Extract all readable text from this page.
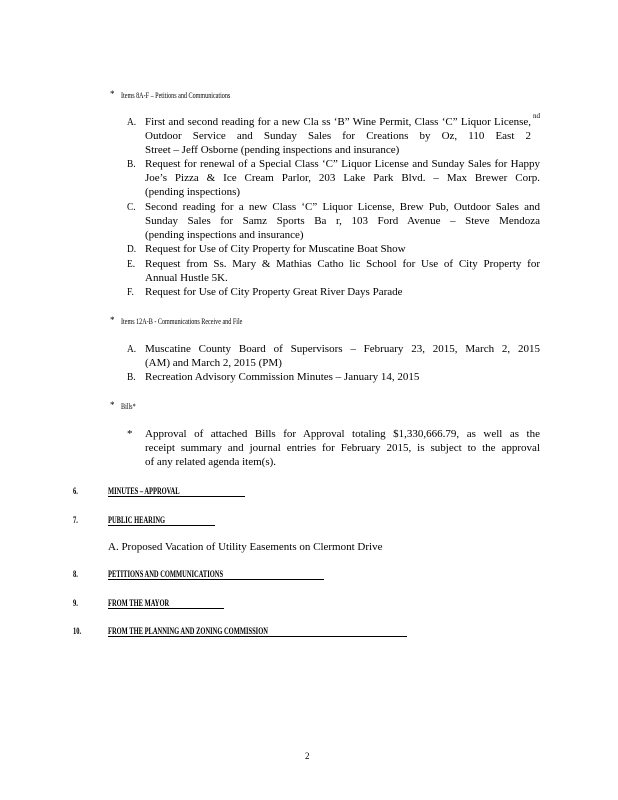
* Items 8A-F – Petitions and Communications
A. First and second reading for a new Cla ss ‘B” Wine Permit, Class ‘C” Liquor License, Outdoor Service and Sunday Sales for Creations by Oz, 110 East 2
nd
Street – Jeff Osborne (pending inspections and insurance)
B. Request for renewal of a Special Class ‘C” Liquor License and Sunday Sales for Happy Joe’s Pizza & Ice Cream Parlor, 203 Lake Park Blvd. – Max Brewer Corp.
(pending inspections)
C. Second reading for a new Class ‘C” Liquor License, Brew Pub, Outdoor Sales and Sunday Sales for Samz Sports Ba r, 103 Ford Avenue – Steve Mendoza
(pending inspections and insurance)
D. Request for Use of City Property for Muscatine Boat Show
E. Request from Ss. Mary & Mathias Catho lic School for Use of City Property for
Annual Hustle 5K.
F. Request for Use of City Property Great River Days Parade
* Items 12A-B - Communications Receive and File
A. Muscatine County Board of Supervisors – February 23, 2015, March 2, 2015
(AM) and March 2, 2015 (PM)
B. Recreation Advisory Commission Minutes – January 14, 2015
* Bills*
* Approval of attached Bills for Approval totaling $1,330,666.79, as well as the
receipt summary and journal entries for February 2015, is subject to the approval
of any related agenda item(s).
6.	MINUTES – APPROVAL
7.	PUBLIC HEARING
A. Proposed Vacation of Utility Easements on Clermont Drive
8.	PETITIONS AND COMMUNICATIONS
9.	FROM THE MAYOR
10.	FROM THE PLANNING AND ZONING COMMISSION
2
